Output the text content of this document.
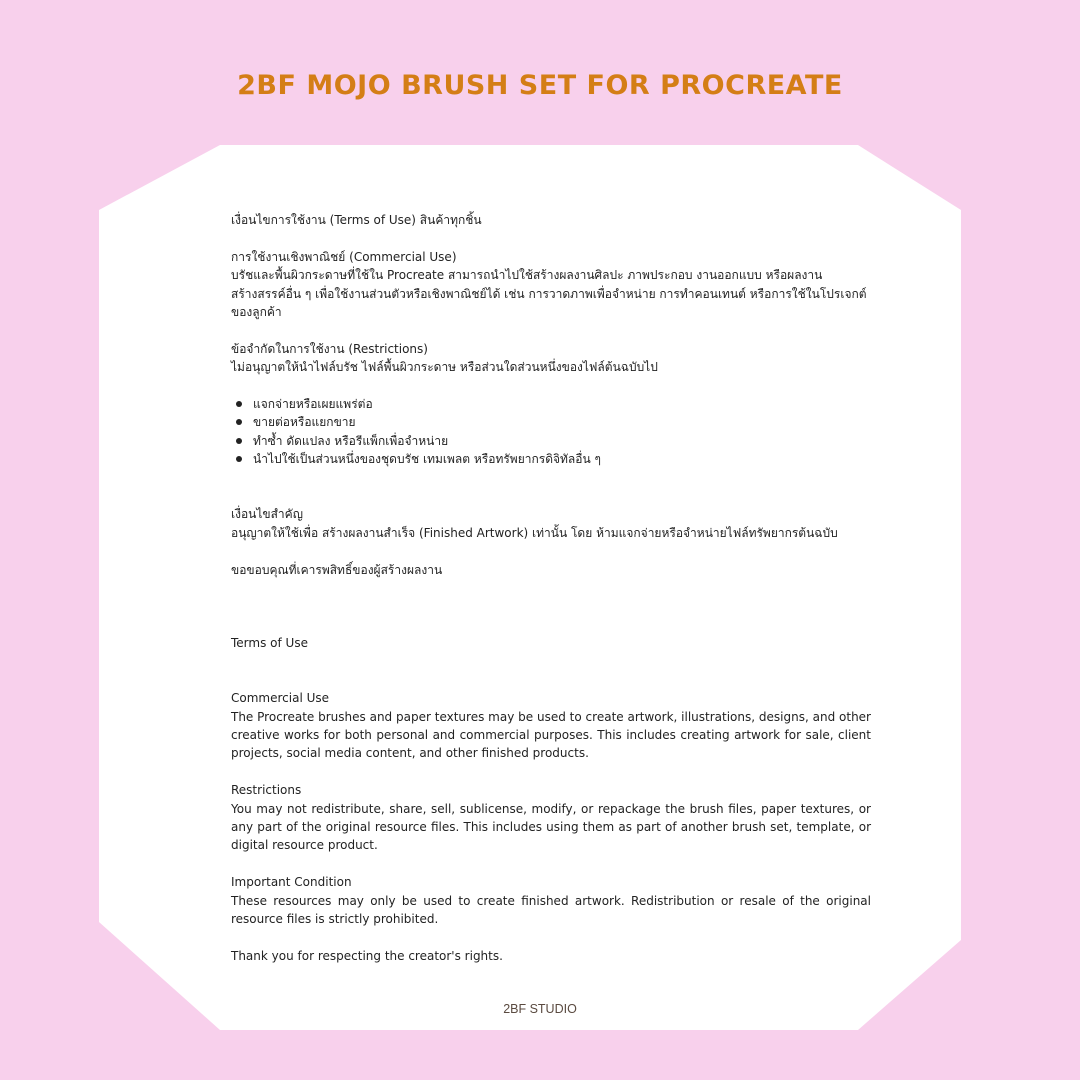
2BF MOJO BRUSH SET FOR PROCREATE

เงื่อนไขการใช้งาน (Terms of Use) สินค้าทุกชิ้น

การใช้งานเชิงพาณิชย์ (Commercial Use)

บรัชและพื้นผิวกระดาษที่ใช้ใน Procreate สามารถนำไปใช้สร้างผลงานศิลปะ ภาพประกอบ งานออกแบบ หรือผลงานสร้างสรรค์อื่น ๆ เพื่อใช้งานส่วนตัวหรือเชิงพาณิชย์ได้ เช่น การวาดภาพเพื่อจำหน่าย การทำคอนเทนต์ หรือการใช้ในโปรเจกต์ของลูกค้า

ข้อจำกัดในการใช้งาน (Restrictions)

ไม่อนุญาตให้นำไฟล์บรัช ไฟล์พื้นผิวกระดาษ หรือส่วนใดส่วนหนึ่งของไฟล์ต้นฉบับไป

แจกจ่ายหรือเผยแพร่ต่อ
ขายต่อหรือแยกขาย
ทำซ้ำ ดัดแปลง หรือรีแพ็กเพื่อจำหน่าย
นำไปใช้เป็นส่วนหนึ่งของชุดบรัช เทมเพลต หรือทรัพยากรดิจิทัลอื่น ๆ

เงื่อนไขสำคัญ

อนุญาตให้ใช้เพื่อ สร้างผลงานสำเร็จ (Finished Artwork) เท่านั้น โดย ห้ามแจกจ่ายหรือจำหน่ายไฟล์ทรัพยากรต้นฉบับ

ขอขอบคุณที่เคารพสิทธิ์ของผู้สร้างผลงาน

Terms of Use

Commercial Use

The Procreate brushes and paper textures may be used to create artwork, illustrations, designs, and other creative works for both personal and commercial purposes. This includes creating artwork for sale, client projects, social media content, and other finished products.

Restrictions

You may not redistribute, share, sell, sublicense, modify, or repackage the brush files, paper textures, or any part of the original resource files. This includes using them as part of another brush set, template, or digital resource product.

Important Condition

These resources may only be used to create finished artwork. Redistribution or resale of the original resource files is strictly prohibited.

Thank you for respecting the creator's rights.

2BF STUDIO
